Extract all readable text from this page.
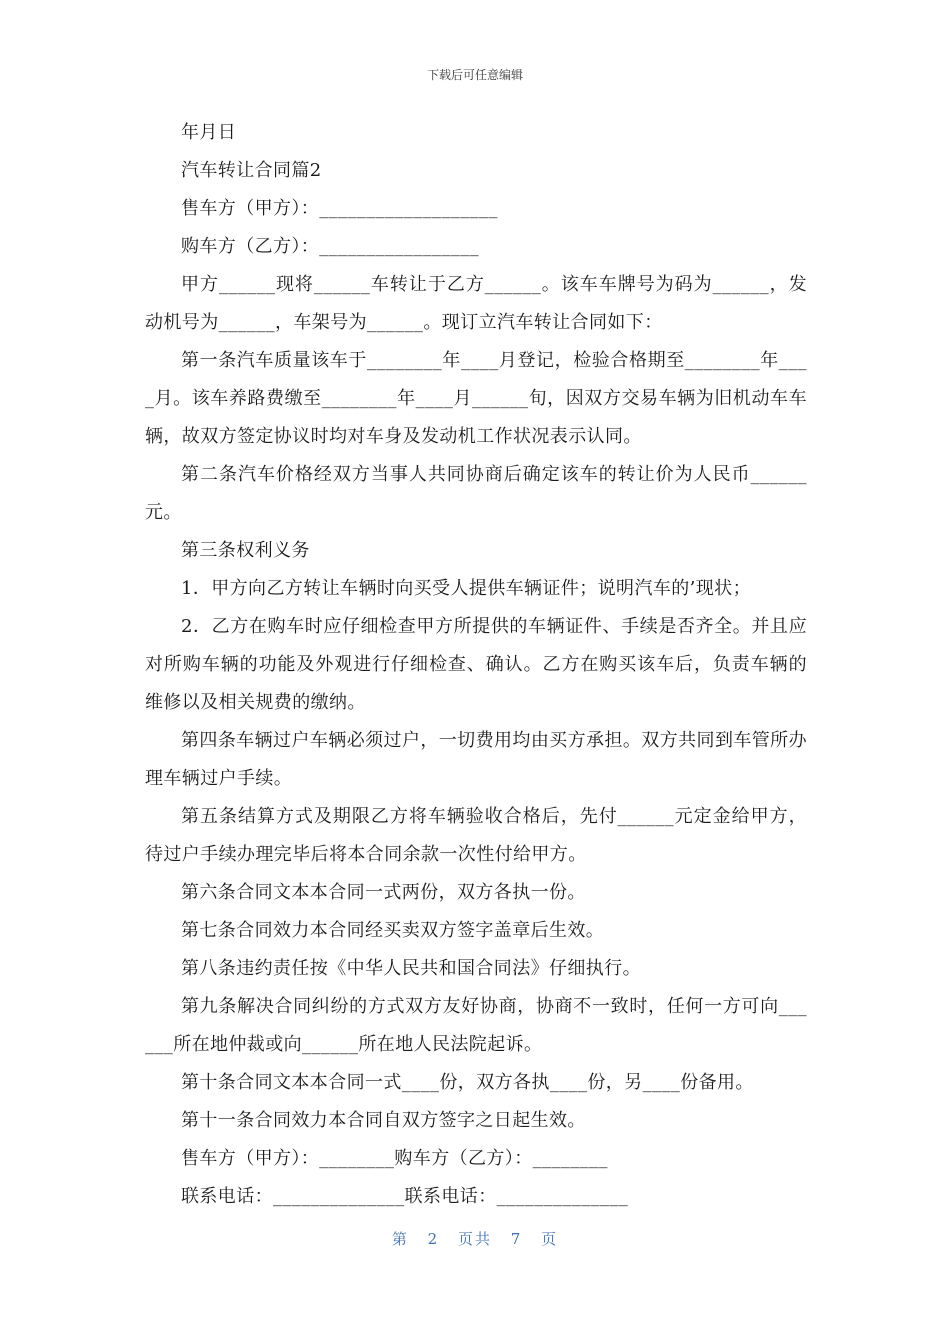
下载后可任意编辑

年月日

汽车转让合同篇2

售车方（甲方）：___________________

购车方（乙方）：_________________

甲方______现将______车转让于乙方______。该车车牌号为码为______，发动机号为______，车架号为______。现订立汽车转让合同如下：

第一条汽车质量该车于________年____月登记，检验合格期至________年____月。该车养路费缴至________年____月______旬，因双方交易车辆为旧机动车车辆，故双方签定协议时均对车身及发动机工作状况表示认同。

第二条汽车价格经双方当事人共同协商后确定该车的转让价为人民币______元。

第三条权利义务

1．甲方向乙方转让车辆时向买受人提供车辆证件；说明汽车的’现状；

2．乙方在购车时应仔细检查甲方所提供的车辆证件、手续是否齐全。并且应对所购车辆的功能及外观进行仔细检查、确认。乙方在购买该车后，负责车辆的维修以及相关规费的缴纳。

第四条车辆过户车辆必须过户，一切费用均由买方承担。双方共同到车管所办理车辆过户手续。

第五条结算方式及期限乙方将车辆验收合格后，先付______元定金给甲方，待过户手续办理完毕后将本合同余款一次性付给甲方。

第六条合同文本本合同一式两份，双方各执一份。

第七条合同效力本合同经买卖双方签字盖章后生效。

第八条违约责任按《中华人民共和国合同法》仔细执行。

第九条解决合同纠纷的方式双方友好协商，协商不一致时，任何一方可向______所在地仲裁或向______所在地人民法院起诉。

第十条合同文本本合同一式____份，双方各执____份，另____份备用。

第十一条合同效力本合同自双方签字之日起生效。

售车方（甲方）：________购车方（乙方）：________

联系电话：______________联系电话：______________

第 2 页共 7 页
